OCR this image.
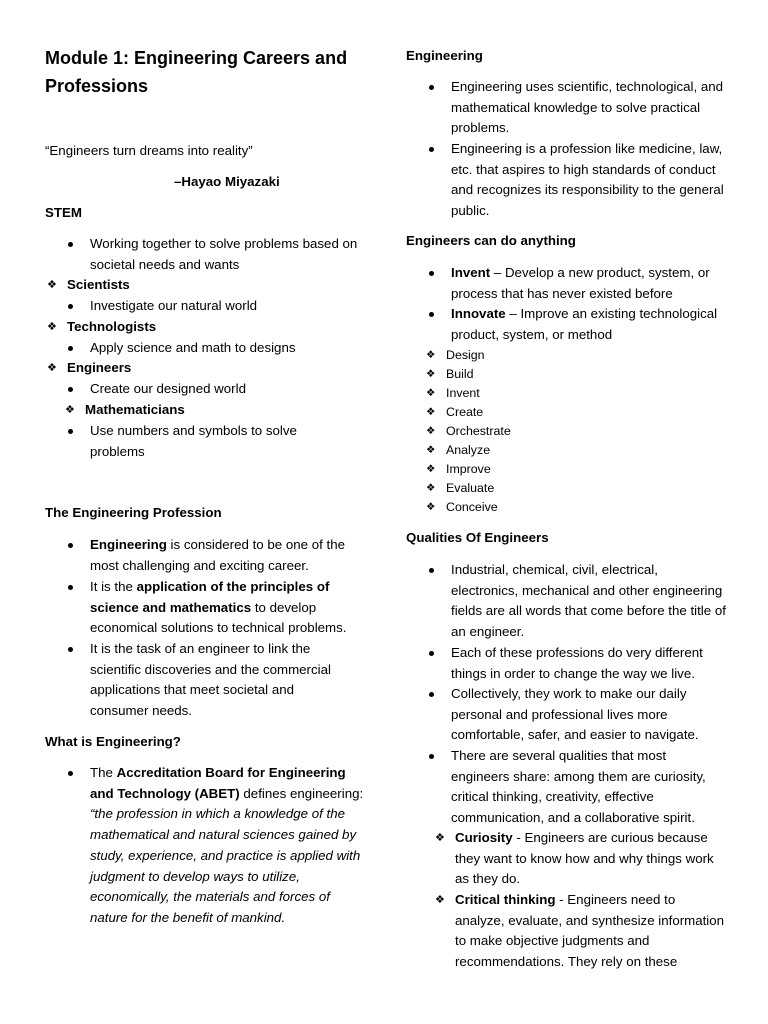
Module 1: Engineering Careers and Professions

“Engineers turn dreams into reality”

–Hayao Miyazaki

STEM

Working together to solve problems based on societal needs and wants
❖ Scientists
Investigate our natural world
❖ Technologists
Apply science and math to designs
❖ Engineers
Create our designed world
❖ Mathematicians
Use numbers and symbols to solve problems

The Engineering Profession

Engineering is considered to be one of the most challenging and exciting career.
It is the application of the principles of science and mathematics to develop economical solutions to technical problems.
It is the task of an engineer to link the scientific discoveries and the commercial applications that meet societal and consumer needs.

What is Engineering?

The Accreditation Board for Engineering and Technology (ABET) defines engineering: “the profession in which a knowledge of the mathematical and natural sciences gained by study, experience, and practice is applied with judgment to develop ways to utilize, economically, the materials and forces of nature for the benefit of mankind.

Engineering

Engineering uses scientific, technological, and mathematical knowledge to solve practical problems.
Engineering is a profession like medicine, law, etc. that aspires to high standards of conduct and recognizes its responsibility to the general public.

Engineers can do anything

Invent – Develop a new product, system, or process that has never existed before
Innovate – Improve an existing technological product, system, or method
❖ Design
❖ Build
❖ Invent
❖ Create
❖ Orchestrate
❖ Analyze
❖ Improve
❖ Evaluate
❖ Conceive

Qualities Of Engineers

Industrial, chemical, civil, electrical, electronics, mechanical and other engineering fields are all words that come before the title of an engineer.
Each of these professions do very different things in order to change the way we live.
Collectively, they work to make our daily personal and professional lives more comfortable, safer, and easier to navigate.
There are several qualities that most engineers share: among them are curiosity, critical thinking, creativity, effective communication, and a collaborative spirit.
❖ Curiosity - Engineers are curious because they want to know how and why things work as they do.
❖ Critical thinking - Engineers need to analyze, evaluate, and synthesize information to make objective judgments and recommendations. They rely on these
